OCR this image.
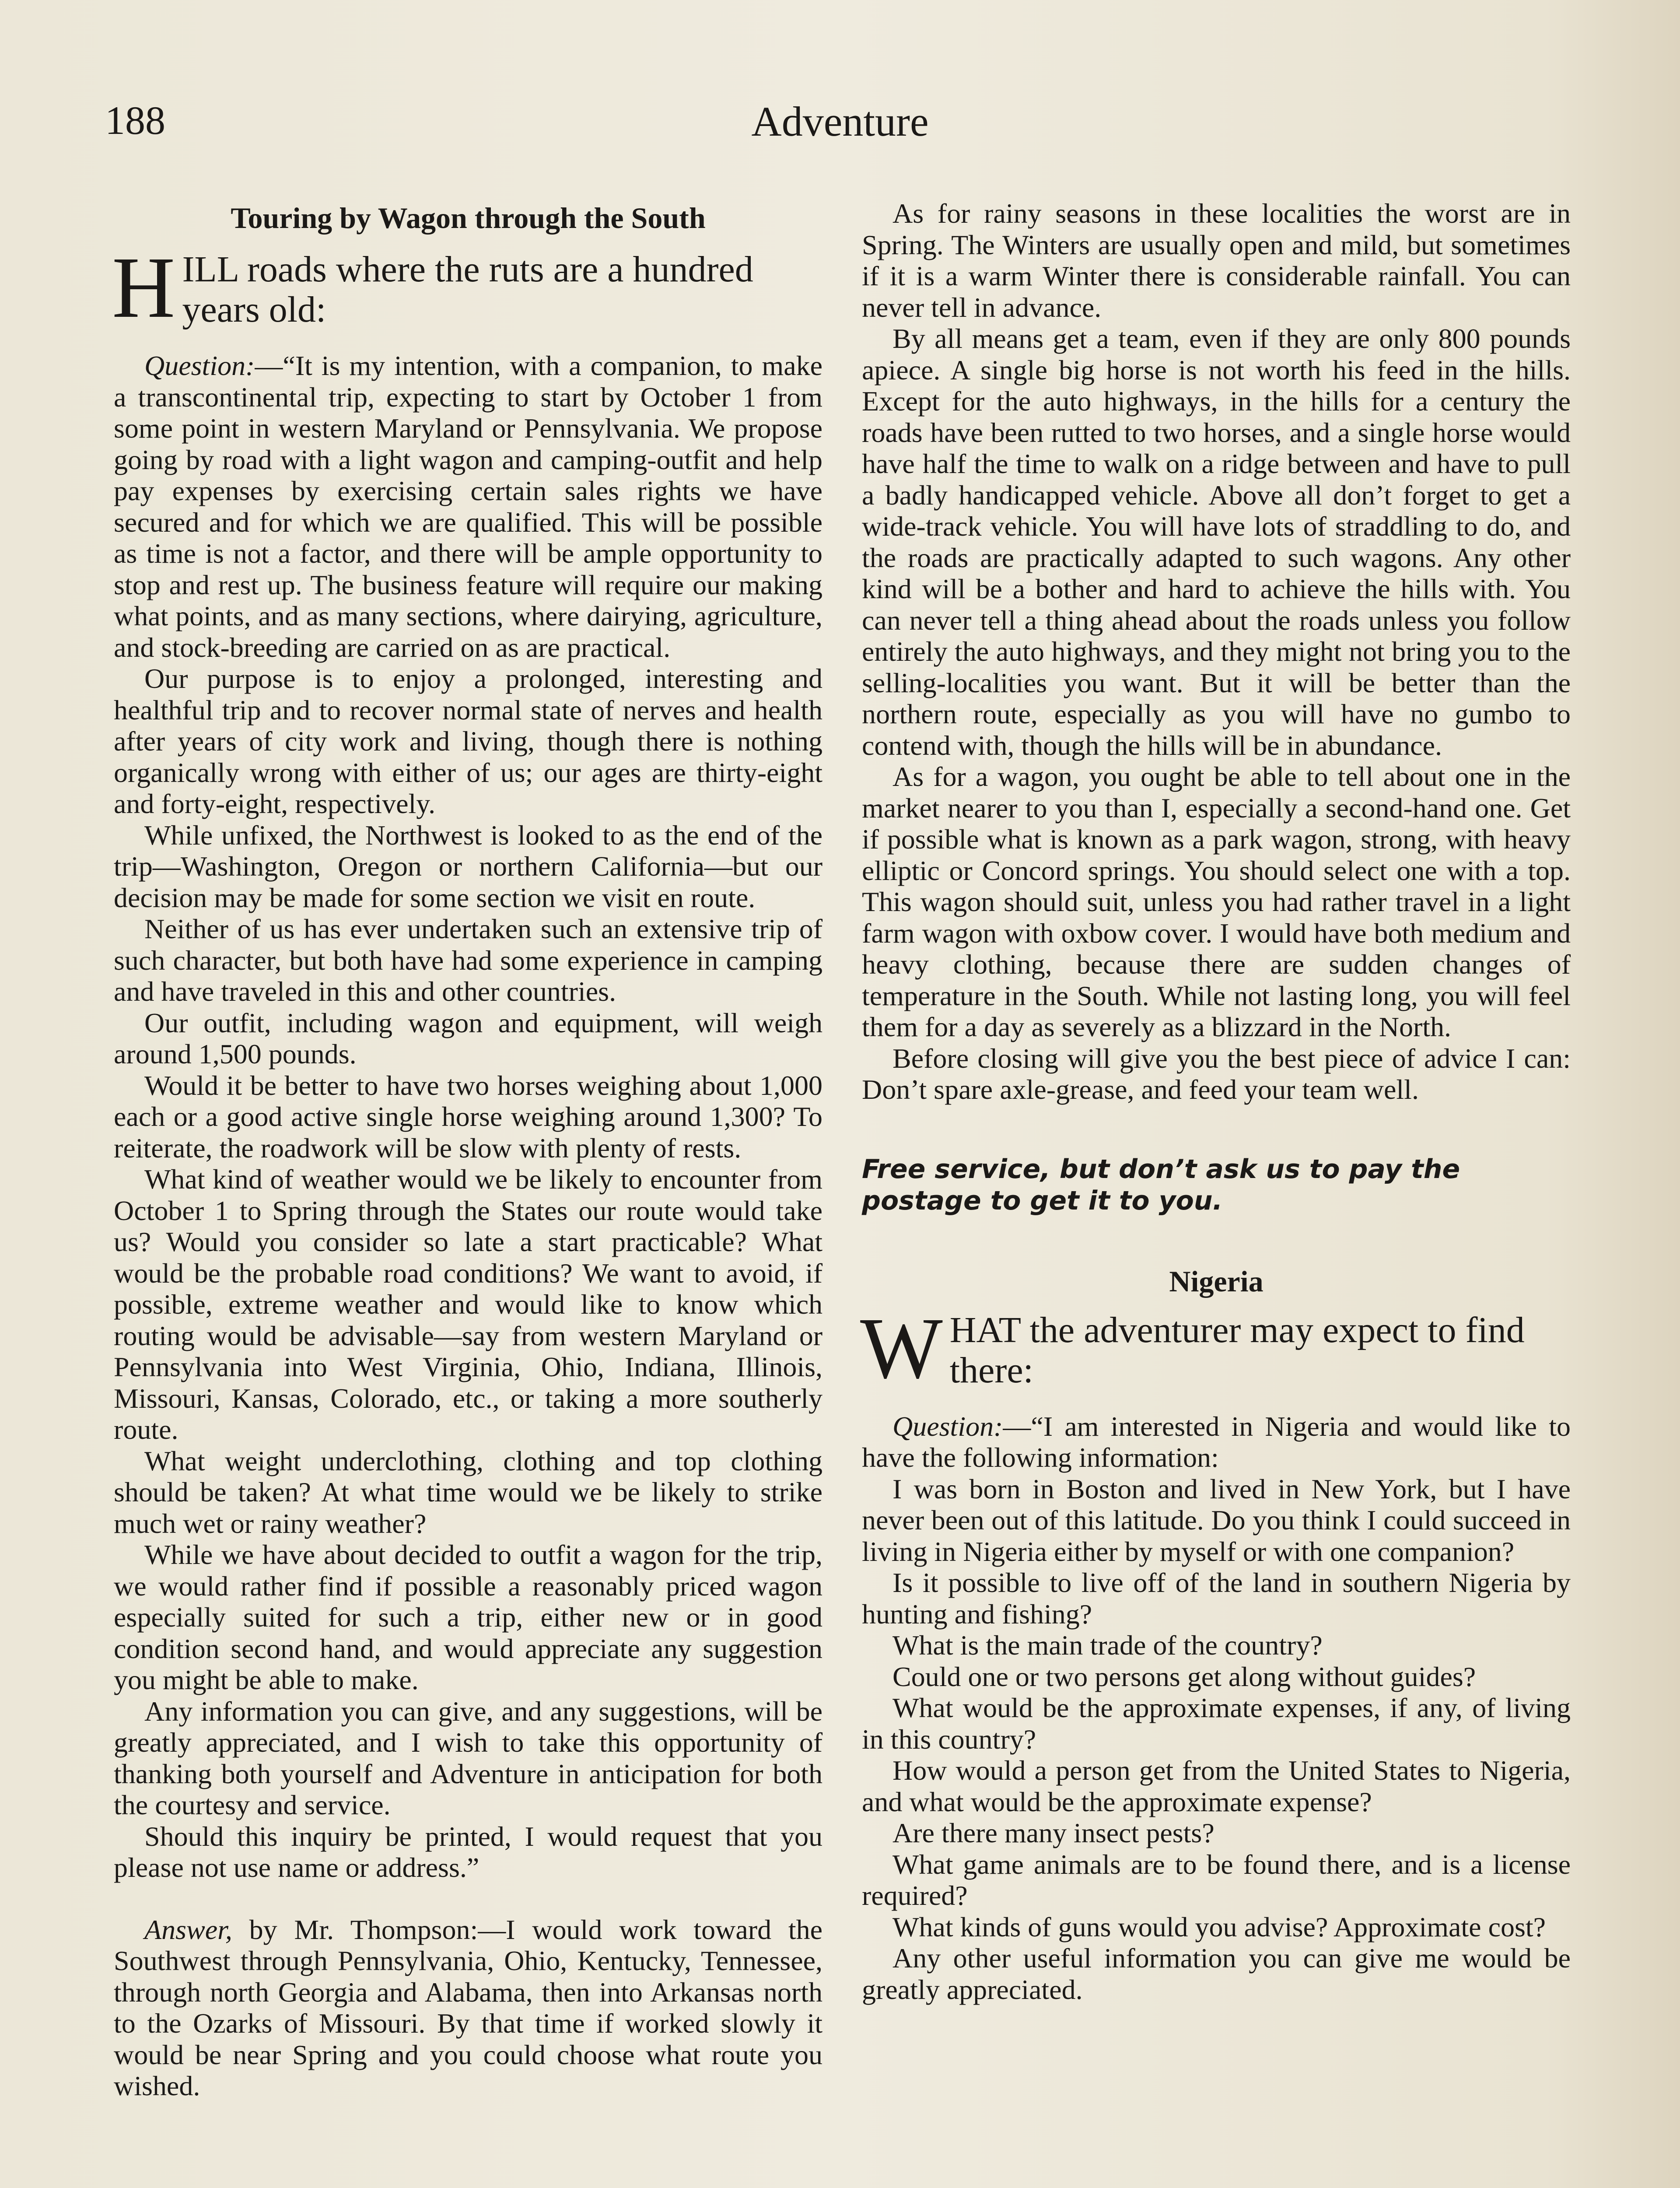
188	Adventure
Touring by Wagon through the South
HILL roads where the ruts are a hundred years old:

Question:—“It is my intention, with a companion, to make a transcontinental trip, expecting to start by October 1 from some point in western Maryland or Pennsylvania. We propose going by road with a light wagon and camping-outfit and help pay expenses by exercising certain sales rights we have secured and for which we are qualified. This will be possible as time is not a factor, and there will be ample opportunity to stop and rest up. The business feature will require our making what points, and as many sections, where dairying, agriculture, and stock-breeding are carried on as are practical.

Our purpose is to enjoy a prolonged, interesting and healthful trip and to recover normal state of nerves and health after years of city work and living, though there is nothing organically wrong with either of us; our ages are thirty-eight and forty-eight, respectively.

While unfixed, the Northwest is looked to as the end of the trip—Washington, Oregon or northern California—but our decision may be made for some section we visit en route.

Neither of us has ever undertaken such an extensive trip of such character, but both have had some experience in camping and have traveled in this and other countries.

Our outfit, including wagon and equipment, will weigh around 1,500 pounds.

Would it be better to have two horses weighing about 1,000 each or a good active single horse weighing around 1,300? To reiterate, the roadwork will be slow with plenty of rests.

What kind of weather would we be likely to encounter from October 1 to Spring through the States our route would take us? Would you consider so late a start practicable? What would be the probable road conditions? We want to avoid, if possible, extreme weather and would like to know which routing would be advisable—say from western Maryland or Pennsylvania into West Virginia, Ohio, Indiana, Illinois, Missouri, Kansas, Colorado, etc., or taking a more southerly route.

What weight underclothing, clothing and top clothing should be taken? At what time would we be likely to strike much wet or rainy weather?

While we have about decided to outfit a wagon for the trip, we would rather find if possible a reasonably priced wagon especially suited for such a trip, either new or in good condition second hand, and would appreciate any suggestion you might be able to make.

Any information you can give, and any suggestions, will be greatly appreciated, and I wish to take this opportunity of thanking both yourself and Adventure in anticipation for both the courtesy and service.

Should this inquiry be printed, I would request that you please not use name or address.”

Answer, by Mr. Thompson:—I would work toward the Southwest through Pennsylvania, Ohio, Kentucky, Tennessee, through north Georgia and Alabama, then into Arkansas north to the Ozarks of Missouri. By that time if worked slowly it would be near Spring and you could choose what route you wished.

As for rainy seasons in these localities the worst are in Spring. The Winters are usually open and mild, but sometimes if it is a warm Winter there is considerable rainfall. You can never tell in advance.

By all means get a team, even if they are only 800 pounds apiece. A single big horse is not worth his feed in the hills. Except for the auto highways, in the hills for a century the roads have been rutted to two horses, and a single horse would have half the time to walk on a ridge between and have to pull a badly handicapped vehicle. Above all don’t forget to get a wide-track vehicle. You will have lots of straddling to do, and the roads are practically adapted to such wagons. Any other kind will be a bother and hard to achieve the hills with. You can never tell a thing ahead about the roads unless you follow entirely the auto highways, and they might not bring you to the selling-localities you want. But it will be better than the northern route, especially as you will have no gumbo to contend with, though the hills will be in abundance.

As for a wagon, you ought be able to tell about one in the market nearer to you than I, especially a second-hand one. Get if possible what is known as a park wagon, strong, with heavy elliptic or Concord springs. You should select one with a top. This wagon should suit, unless you had rather travel in a light farm wagon with oxbow cover. I would have both medium and heavy clothing, because there are sudden changes of temperature in the South. While not lasting long, you will feel them for a day as severely as a blizzard in the North.

Before closing will give you the best piece of advice I can: Don’t spare axle-grease, and feed your team well.

Free service, but don’t ask us to pay the postage to get it to you.
Nigeria
WHAT the adventurer may expect to find there:

Question:—“I am interested in Nigeria and would like to have the following information:

I was born in Boston and lived in New York, but I have never been out of this latitude. Do you think I could succeed in living in Nigeria either by myself or with one companion?

Is it possible to live off of the land in southern Nigeria by hunting and fishing?

What is the main trade of the country?

Could one or two persons get along without guides?

What would be the approximate expenses, if any, of living in this country?

How would a person get from the United States to Nigeria, and what would be the approximate expense?

Are there many insect pests?

What game animals are to be found there, and is a license required?

What kinds of guns would you advise? Approximate cost?

Any other useful information you can give me would be greatly appreciated.
